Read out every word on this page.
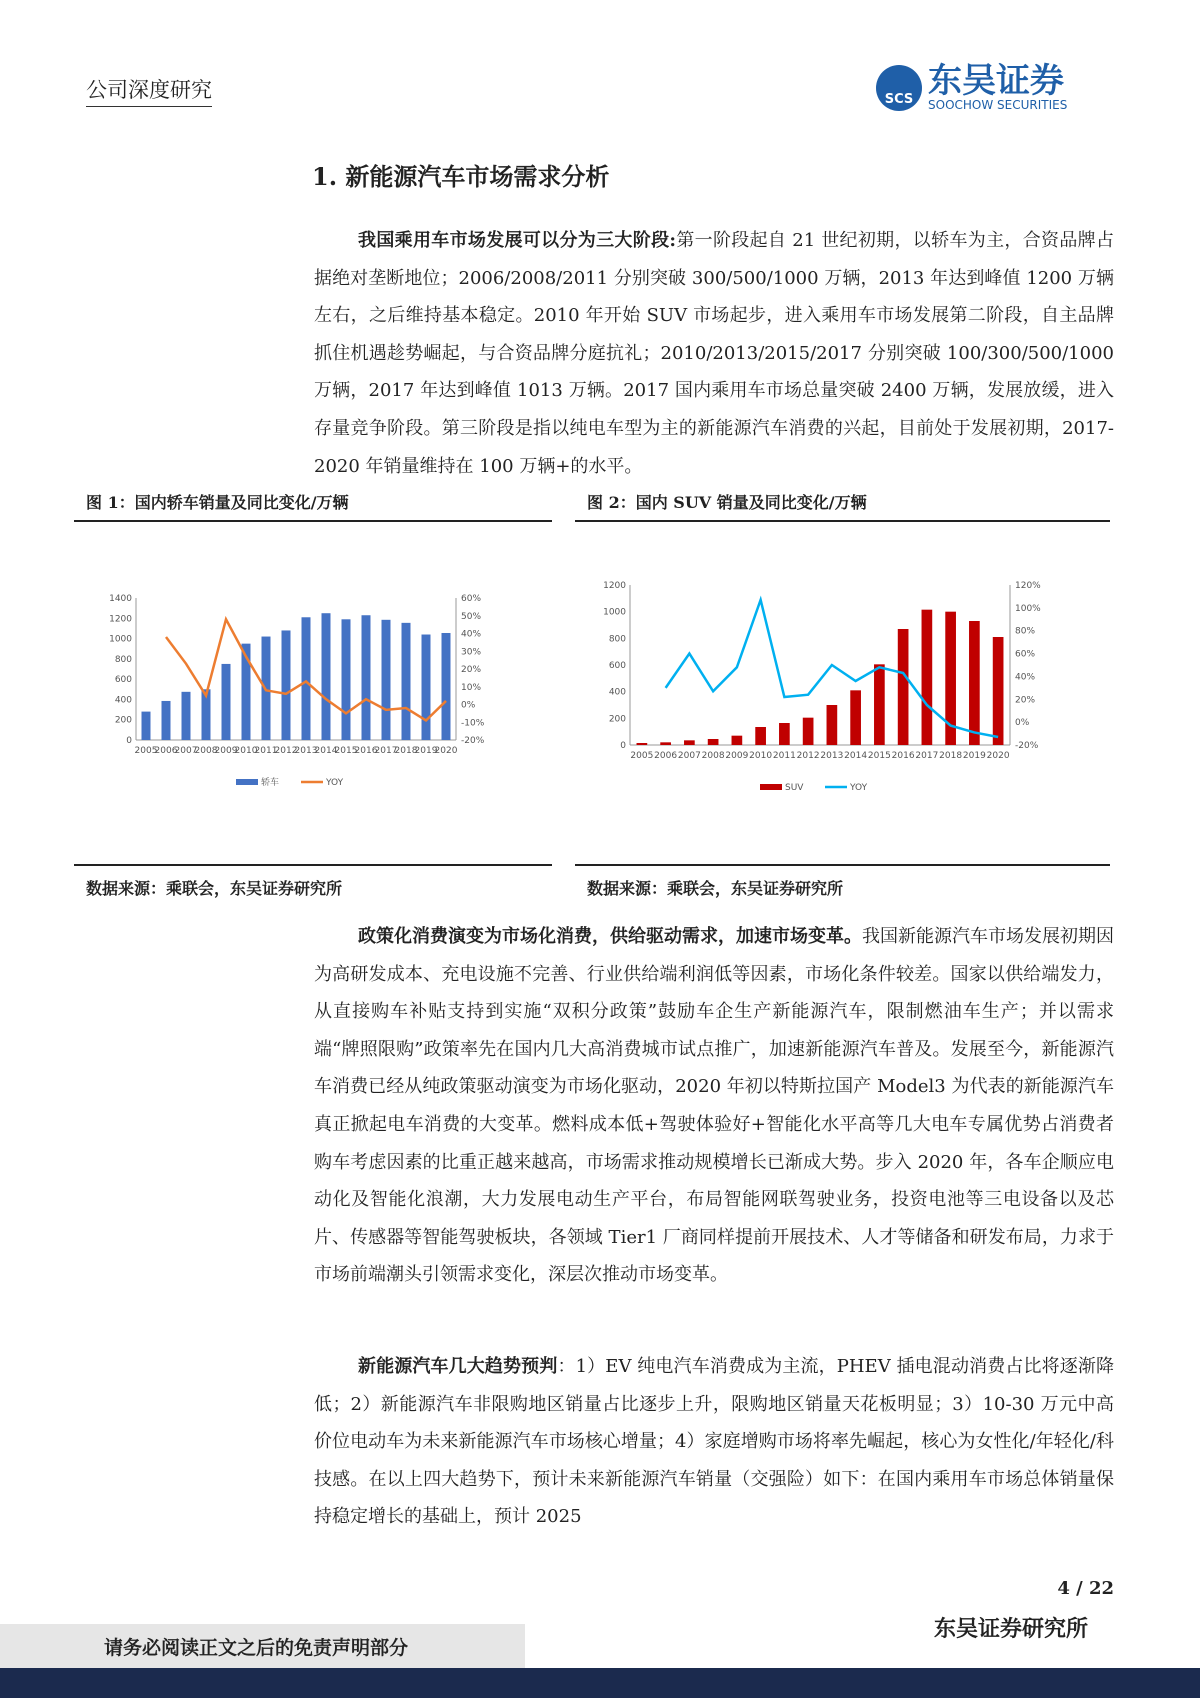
公司深度研究	SCS 东吴证券
SOOCHOW SECURITIES
1. 新能源汽车市场需求分析
我国乘用车市场发展可以分为三大阶段:第一阶段起自 21 世纪初期，以轿车为主，合资品牌占据绝对垄断地位；2006/2008/2011 分别突破 300/500/1000 万辆，2013 年达到峰值 1200 万辆左右，之后维持基本稳定。2010 年开始 SUV 市场起步，进入乘用车市场发展第二阶段，自主品牌抓住机遇趁势崛起，与合资品牌分庭抗礼；2010/2013/2015/2017 分别突破 100/300/500/1000 万辆，2017 年达到峰值 1013 万辆。2017 国内乘用车市场总量突破 2400 万辆，发展放缓，进入存量竞争阶段。第三阶段是指以纯电车型为主的新能源汽车消费的兴起，目前处于发展初期，2017-2020 年销量维持在 100 万辆+的水平。
图 1：国内轿车销量及同比变化/万辆	图 2：国内 SUV 销量及同比变化/万辆
0
200
400
600
800
1000
1200
1400
-20%
-10%
0%
10%
20%
30%
40%
50%
60%
2005
2006
2007
2008
2009
2010
2011
2012
2013
2014
2015
2016
2017
2018
2019
2020
轿车	YOY
0
200
400
600
800
1000
1200
-20%
0%
20%
40%
60%
80%
100%
120%
2005 2006 2007 2008 2009 2010 2011 2012 2013 2014 2015 2016 2017 2018 2019 2020
SUV	YOY
数据来源：乘联会，东吴证券研究所	数据来源：乘联会，东吴证券研究所
政策化消费演变为市场化消费，供给驱动需求，加速市场变革。我国新能源汽车市场发展初期因为高研发成本、充电设施不完善、行业供给端利润低等因素，市场化条件较差。国家以供给端发力，从直接购车补贴支持到实施“双积分政策”鼓励车企生产新能源汽车，限制燃油车生产；并以需求端“牌照限购”政策率先在国内几大高消费城市试点推广，加速新能源汽车普及。发展至今，新能源汽车消费已经从纯政策驱动演变为市场化驱动，2020 年初以特斯拉国产 Model3 为代表的新能源汽车真正掀起电车消费的大变革。燃料成本低+驾驶体验好+智能化水平高等几大电车专属优势占消费者购车考虑因素的比重正越来越高，市场需求推动规模增长已渐成大势。步入 2020 年，各车企顺应电动化及智能化浪潮，大力发展电动生产平台，布局智能网联驾驶业务，投资电池等三电设备以及芯片、传感器等智能驾驶板块，各领域 Tier1 厂商同样提前开展技术、人才等储备和研发布局，力求于市场前端潮头引领需求变化，深层次推动市场变革。
新能源汽车几大趋势预判：1）EV 纯电汽车消费成为主流，PHEV 插电混动消费占比将逐渐降低；2）新能源汽车非限购地区销量占比逐步上升，限购地区销量天花板明显；3）10-30 万元中高价位电动车为未来新能源汽车市场核心增量；4）家庭增购市场将率先崛起，核心为女性化/年轻化/科技感。在以上四大趋势下，预计未来新能源汽车销量（交强险）如下：在国内乘用车市场总体销量保持稳定增长的基础上，预计 2025
4 / 22
请务必阅读正文之后的免责声明部分
东吴证券研究所
